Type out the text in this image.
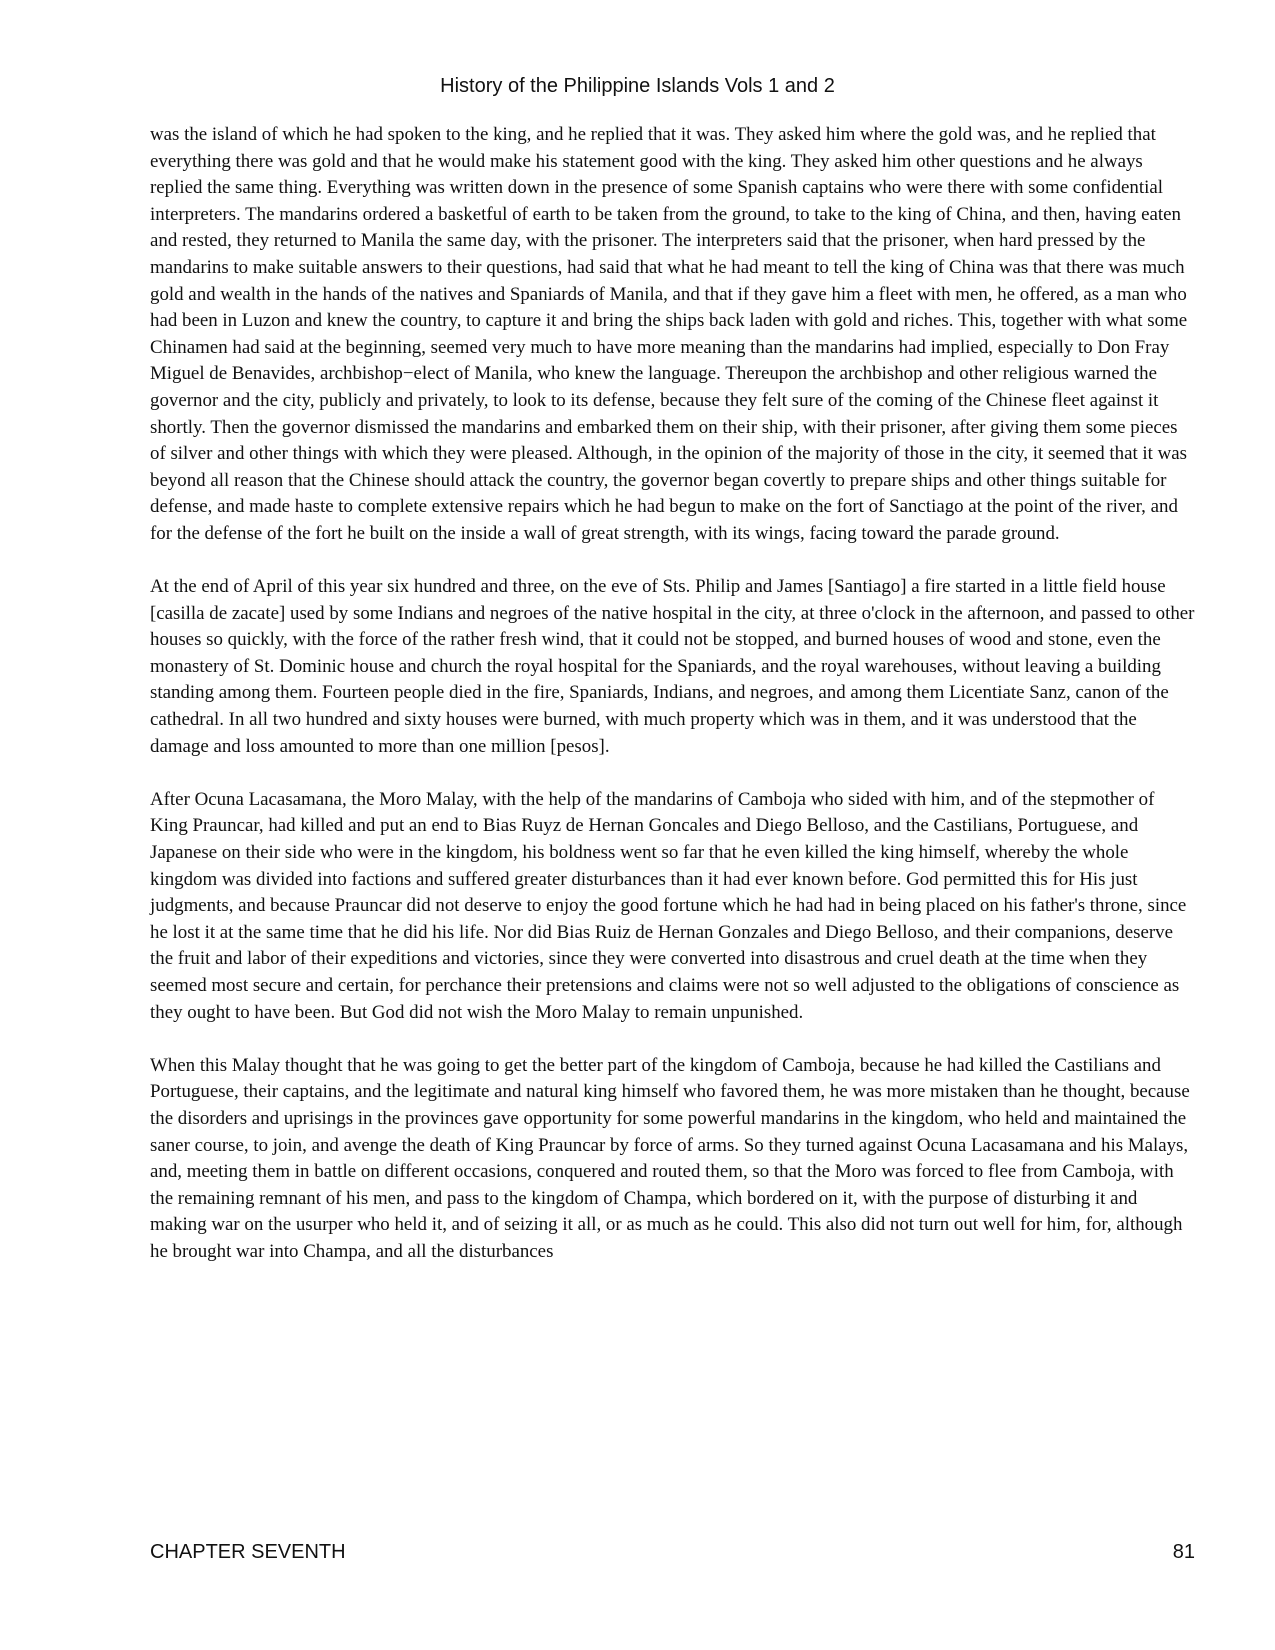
History of the Philippine Islands Vols 1 and 2

was the island of which he had spoken to the king, and he replied that it was. They asked him where the gold was, and he replied that everything there was gold and that he would make his statement good with the king. They asked him other questions and he always replied the same thing. Everything was written down in the presence of some Spanish captains who were there with some confidential interpreters. The mandarins ordered a basketful of earth to be taken from the ground, to take to the king of China, and then, having eaten and rested, they returned to Manila the same day, with the prisoner. The interpreters said that the prisoner, when hard pressed by the mandarins to make suitable answers to their questions, had said that what he had meant to tell the king of China was that there was much gold and wealth in the hands of the natives and Spaniards of Manila, and that if they gave him a fleet with men, he offered, as a man who had been in Luzon and knew the country, to capture it and bring the ships back laden with gold and riches. This, together with what some Chinamen had said at the beginning, seemed very much to have more meaning than the mandarins had implied, especially to Don Fray Miguel de Benavides, archbishop−elect of Manila, who knew the language. Thereupon the archbishop and other religious warned the governor and the city, publicly and privately, to look to its defense, because they felt sure of the coming of the Chinese fleet against it shortly. Then the governor dismissed the mandarins and embarked them on their ship, with their prisoner, after giving them some pieces of silver and other things with which they were pleased. Although, in the opinion of the majority of those in the city, it seemed that it was beyond all reason that the Chinese should attack the country, the governor began covertly to prepare ships and other things suitable for defense, and made haste to complete extensive repairs which he had begun to make on the fort of Sanctiago at the point of the river, and for the defense of the fort he built on the inside a wall of great strength, with its wings, facing toward the parade ground.

At the end of April of this year six hundred and three, on the eve of Sts. Philip and James [Santiago] a fire started in a little field house [casilla de zacate] used by some Indians and negroes of the native hospital in the city, at three o'clock in the afternoon, and passed to other houses so quickly, with the force of the rather fresh wind, that it could not be stopped, and burned houses of wood and stone, even the monastery of St. Dominic house and church the royal hospital for the Spaniards, and the royal warehouses, without leaving a building standing among them. Fourteen people died in the fire, Spaniards, Indians, and negroes, and among them Licentiate Sanz, canon of the cathedral. In all two hundred and sixty houses were burned, with much property which was in them, and it was understood that the damage and loss amounted to more than one million [pesos].

After Ocuna Lacasamana, the Moro Malay, with the help of the mandarins of Camboja who sided with him, and of the stepmother of King Prauncar, had killed and put an end to Bias Ruyz de Hernan Goncales and Diego Belloso, and the Castilians, Portuguese, and Japanese on their side who were in the kingdom, his boldness went so far that he even killed the king himself, whereby the whole kingdom was divided into factions and suffered greater disturbances than it had ever known before. God permitted this for His just judgments, and because Prauncar did not deserve to enjoy the good fortune which he had had in being placed on his father's throne, since he lost it at the same time that he did his life. Nor did Bias Ruiz de Hernan Gonzales and Diego Belloso, and their companions, deserve the fruit and labor of their expeditions and victories, since they were converted into disastrous and cruel death at the time when they seemed most secure and certain, for perchance their pretensions and claims were not so well adjusted to the obligations of conscience as they ought to have been. But God did not wish the Moro Malay to remain unpunished.

When this Malay thought that he was going to get the better part of the kingdom of Camboja, because he had killed the Castilians and Portuguese, their captains, and the legitimate and natural king himself who favored them, he was more mistaken than he thought, because the disorders and uprisings in the provinces gave opportunity for some powerful mandarins in the kingdom, who held and maintained the saner course, to join, and avenge the death of King Prauncar by force of arms. So they turned against Ocuna Lacasamana and his Malays, and, meeting them in battle on different occasions, conquered and routed them, so that the Moro was forced to flee from Camboja, with the remaining remnant of his men, and pass to the kingdom of Champa, which bordered on it, with the purpose of disturbing it and making war on the usurper who held it, and of seizing it all, or as much as he could. This also did not turn out well for him, for, although he brought war into Champa, and all the disturbances

CHAPTER SEVENTH	81
